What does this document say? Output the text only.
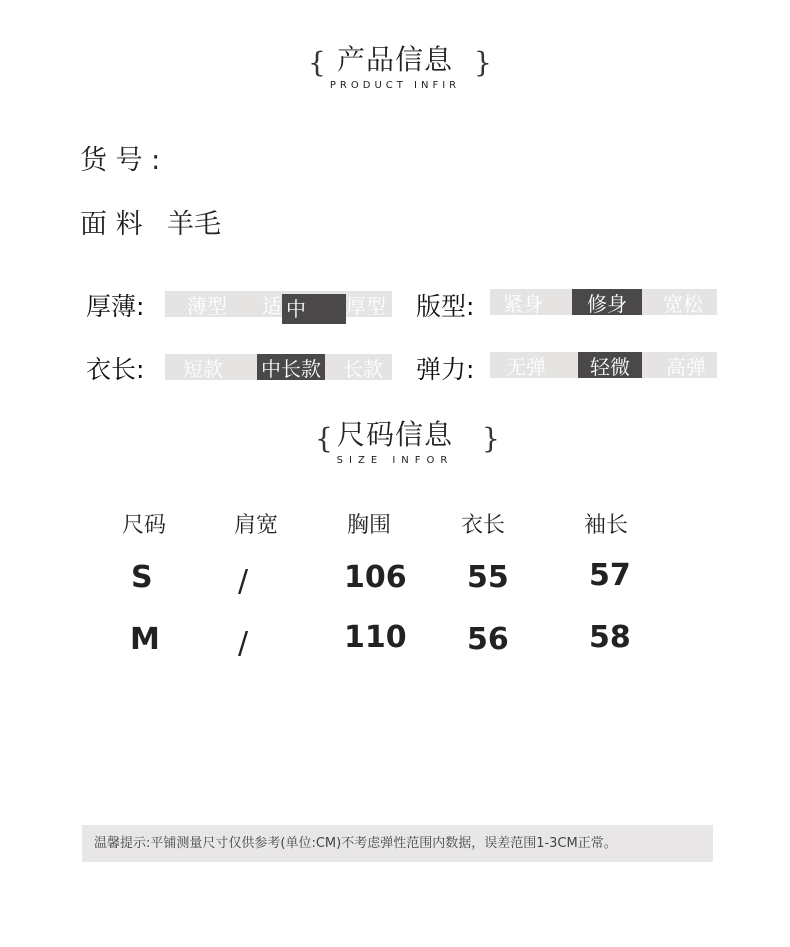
{	}
产品信息
PRODUCT INFIR
货 号 :
面 料 羊毛
厚薄:	薄型	适 中	厚型 版型:	紧身	修身	宽松
衣长:	短款	中长款	长款	弹力:	无弹	轻微	高弹
{	}
尺码信息
SIZE INFOR
尺码	肩宽	胸围	衣长	袖长
S	/	106 55	57
M	/	110 56	58
温馨提示:平铺测量尺寸仅供参考(单位:CM)不考虑弹性范围内数据，误差范围1-3CM正常。
